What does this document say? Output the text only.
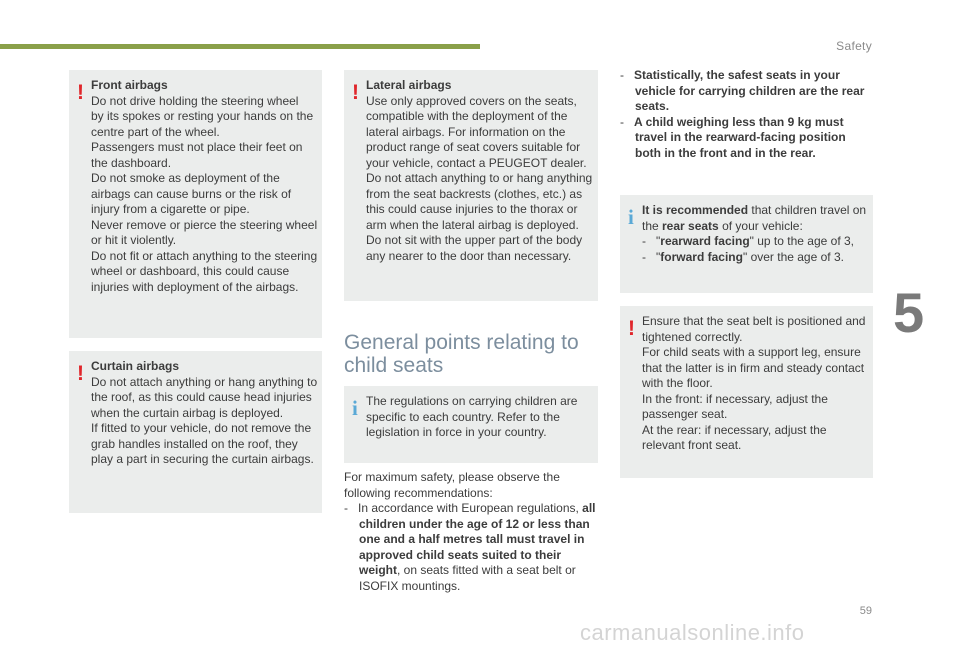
Safety
5
! Front airbags

Do not drive holding the steering wheel

by its spokes or resting your hands on the

centre part of the wheel.

Passengers must not place their feet on

the dashboard.

Do not smoke as deployment of the

airbags can cause burns or the risk of

injury from a cigarette or pipe.

Never remove or pierce the steering wheel

or hit it violently.

Do not fit or attach anything to the steering

wheel or dashboard, this could cause

injuries with deployment of the airbags.

! Curtain airbags

Do not attach anything or hang anything to

the roof, as this could cause head injuries

when the curtain airbag is deployed.

If fitted to your vehicle, do not remove the

grab handles installed on the roof, they

play a part in securing the curtain airbags.

! Lateral airbags

Use only approved covers on the seats,

compatible with the deployment of the

lateral airbags. For information on the

product range of seat covers suitable for

your vehicle, contact a PEUGEOT dealer.

Do not attach anything to or hang anything

from the seat backrests (clothes, etc.) as

this could cause injuries to the thorax or

arm when the lateral airbag is deployed.

Do not sit with the upper part of the body

any nearer to the door than necessary.

General points relating to
child seats
i The regulations on carrying children are

specific to each country. Refer to the

legislation in force in your country.

For maximum safety, please observe the

following recommendations:

- In accordance with European regulations, all children under the age of 12 or less than one and a half metres tall must travel in approved child seats suited to their weight, on seats fitted with a seat belt or ISOFIX mountings.

- Statistically, the safest seats in your vehicle for carrying children are the rear seats.

- A child weighing less than 9 kg must travel in the rearward-facing position both in the front and in the rear.

i It is recommended that children travel on

the rear seats of your vehicle:

- "rearward facing" up to the age of 3,

- "forward facing" over the age of 3.

! Ensure that the seat belt is positioned and

tightened correctly.

For child seats with a support leg, ensure

that the latter is in firm and steady contact

with the floor.

In the front: if necessary, adjust the

passenger seat.

At the rear: if necessary, adjust the

relevant front seat.

59
carmanualsonline.info
